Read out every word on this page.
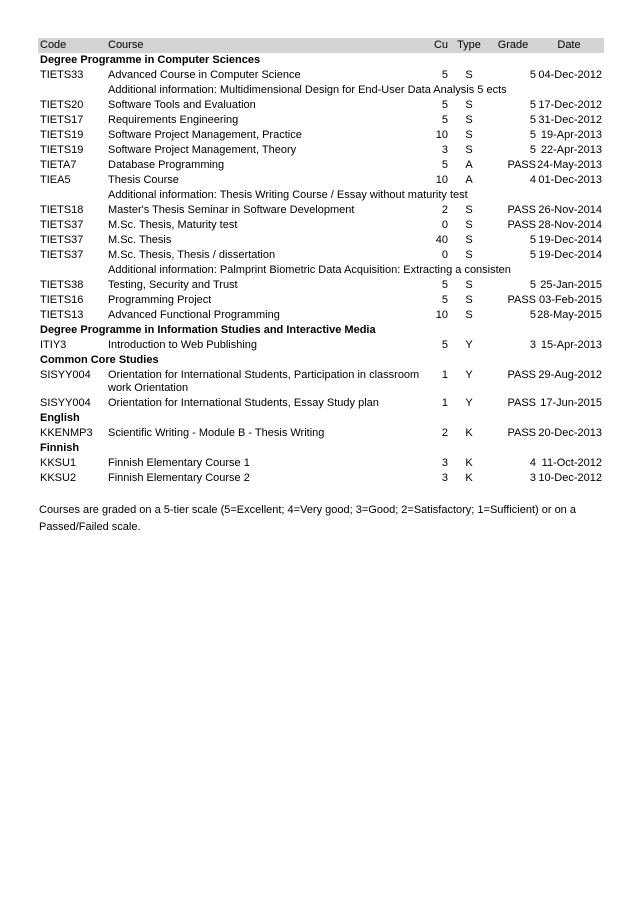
Code	Course	Cu	Type	Grade	Date
Degree Programme in Computer Sciences					
TIETS33	Advanced Course in Computer Science	5	S	5	04-Dec-2012
	Additional information: Multidimensional Design for End-User Data Analysis 5 ects				
TIETS20	Software Tools and Evaluation	5	S	5	17-Dec-2012
TIETS17	Requirements Engineering	5	S	5	31-Dec-2012
TIETS19	Software Project Management, Practice	10	S	5	19-Apr-2013
TIETS19	Software Project Management, Theory	3	S	5	22-Apr-2013
TIETA7	Database Programming	5	A	PASS	24-May-2013
TIEA5	Thesis Course	10	A	4	01-Dec-2013
	Additional information: Thesis Writing Course / Essay without maturity test				
TIETS18	Master's Thesis Seminar in Software Development	2	S	PASS	26-Nov-2014
TIETS37	M.Sc. Thesis, Maturity test	0	S	PASS	28-Nov-2014
TIETS37	M.Sc. Thesis	40	S	5	19-Dec-2014
TIETS37	M.Sc. Thesis, Thesis / dissertation	0	S	5	19-Dec-2014
	Additional information: Palmprint Biometric Data Acquisition: Extracting a consisten				
TIETS38	Testing, Security and Trust	5	S	5	25-Jan-2015
TIETS16	Programming Project	5	S	PASS	03-Feb-2015
TIETS13	Advanced Functional Programming	10	S	5	28-May-2015
Degree Programme in Information Studies and Interactive Media					
ITIY3	Introduction to Web Publishing	5	Y	3	15-Apr-2013
Common Core Studies					
SISYY004	Orientation for International Students, Participation in classroom work Orientation	1	Y	PASS	29-Aug-2012
SISYY004	Orientation for International Students, Essay Study plan	1	Y	PASS	17-Jun-2015
English					
KKENMP3	Scientific Writing - Module B - Thesis Writing	2	K	PASS	20-Dec-2013
Finnish					
KKSU1	Finnish Elementary Course 1	3	K	4	11-Oct-2012
KKSU2	Finnish Elementary Course 2	3	K	3	10-Dec-2012
Courses are graded on a 5-tier scale (5=Excellent; 4=Very good; 3=Good; 2=Satisfactory; 1=Sufficient) or on a Passed/Failed scale.
